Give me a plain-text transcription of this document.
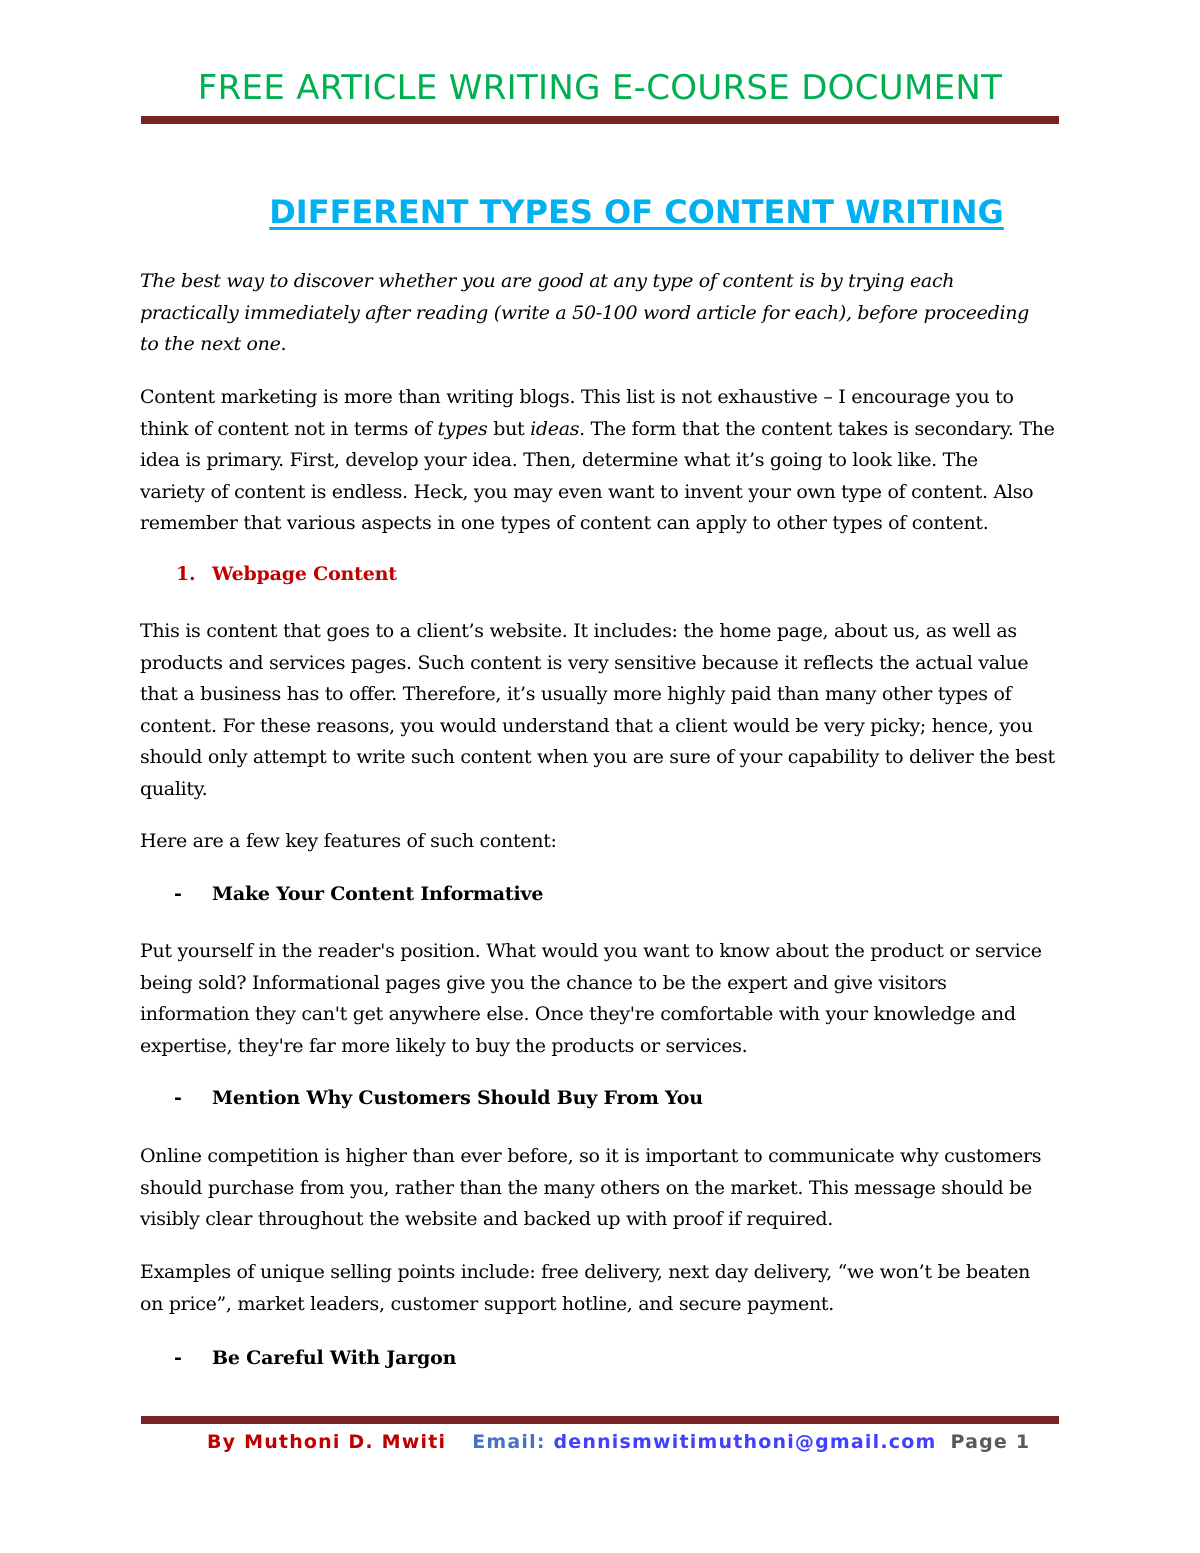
FREE ARTICLE WRITING E-COURSE DOCUMENT
DIFFERENT TYPES OF CONTENT WRITING
The best way to discover whether you are good at any type of content is by trying each
practically immediately after reading (write a 50-100 word article for each), before proceeding
to the next one.
Content marketing is more than writing blogs. This list is not exhaustive – I encourage you to
think of content not in terms of types but ideas. The form that the content takes is secondary. The
idea is primary. First, develop your idea. Then, determine what it’s going to look like. The
variety of content is endless. Heck, you may even want to invent your own type of content. Also
remember that various aspects in one types of content can apply to other types of content.
1. Webpage Content
This is content that goes to a client’s website. It includes: the home page, about us, as well as
products and services pages. Such content is very sensitive because it reflects the actual value
that a business has to offer. Therefore, it’s usually more highly paid than many other types of
content. For these reasons, you would understand that a client would be very picky; hence, you
should only attempt to write such content when you are sure of your capability to deliver the best
quality.
Here are a few key features of such content:
- Make Your Content Informative
Put yourself in the reader's position. What would you want to know about the product or service
being sold? Informational pages give you the chance to be the expert and give visitors
information they can't get anywhere else. Once they're comfortable with your knowledge and
expertise, they're far more likely to buy the products or services.
- Mention Why Customers Should Buy From You
Online competition is higher than ever before, so it is important to communicate why customers
should purchase from you, rather than the many others on the market. This message should be
visibly clear throughout the website and backed up with proof if required.
Examples of unique selling points include: free delivery, next day delivery, “we won’t be beaten
on price”, market leaders, customer support hotline, and secure payment.
- Be Careful With Jargon
By Muthoni D. Mwiti Email: dennismwitimuthoni@gmail.com Page 1
